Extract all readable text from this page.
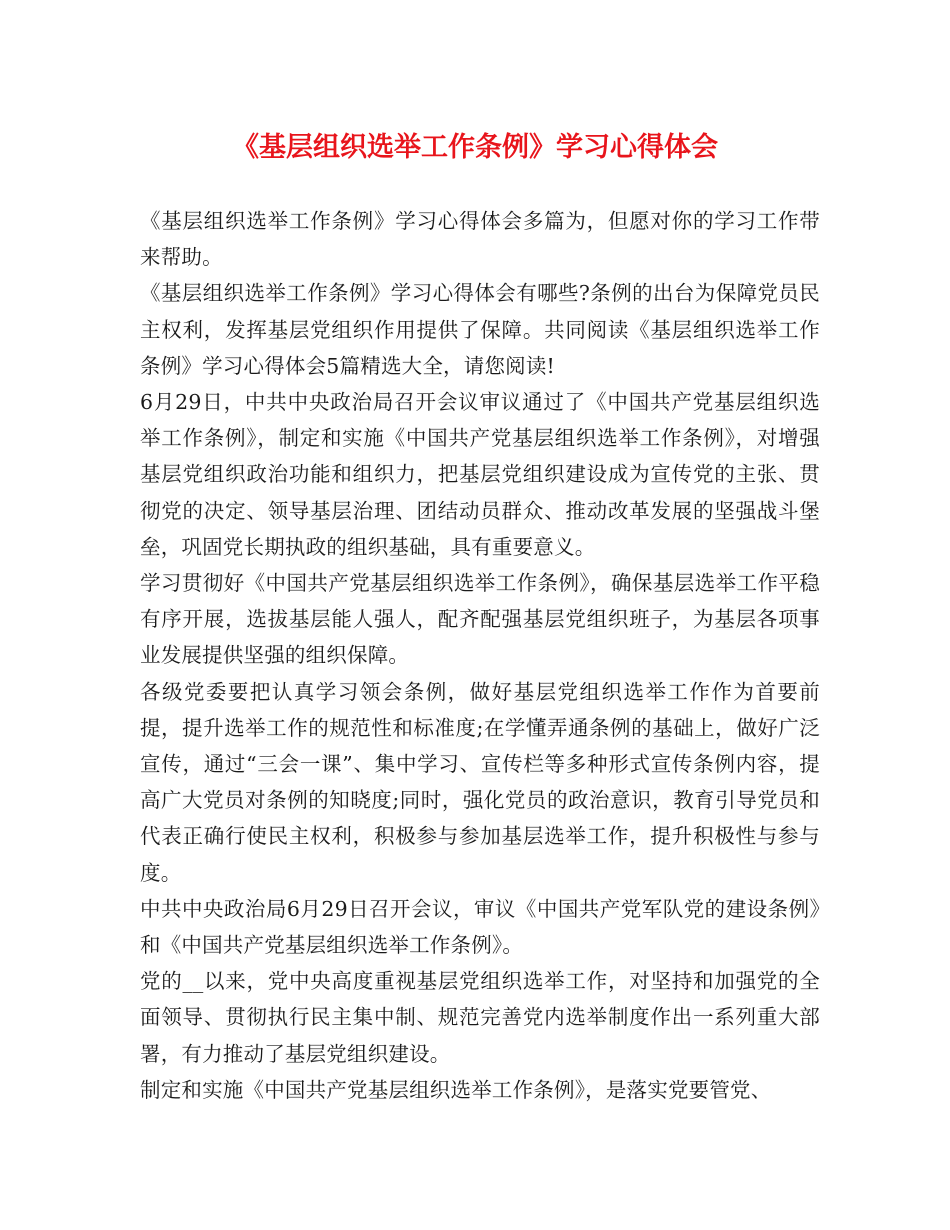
《基层组织选举工作条例》学习心得体会

《基层组织选举工作条例》学习心得体会多篇为，但愿对你的学习工作带来帮助。

《基层组织选举工作条例》学习心得体会有哪些?条例的出台为保障党员民主权利，发挥基层党组织作用提供了保障。共同阅读《基层组织选举工作条例》学习心得体会5篇精选大全，请您阅读!

6月29日，中共中央政治局召开会议审议通过了《中国共产党基层组织选举工作条例》，制定和实施《中国共产党基层组织选举工作条例》，对增强基层党组织政治功能和组织力，把基层党组织建设成为宣传党的主张、贯彻党的决定、领导基层治理、团结动员群众、推动改革发展的坚强战斗堡垒，巩固党长期执政的组织基础，具有重要意义。

学习贯彻好《中国共产党基层组织选举工作条例》，确保基层选举工作平稳有序开展，选拔基层能人强人，配齐配强基层党组织班子，为基层各项事业发展提供坚强的组织保障。

各级党委要把认真学习领会条例，做好基层党组织选举工作作为首要前提，提升选举工作的规范性和标准度;在学懂弄通条例的基础上，做好广泛宣传，通过“三会一课”、集中学习、宣传栏等多种形式宣传条例内容，提高广大党员对条例的知晓度;同时，强化党员的政治意识，教育引导党员和代表正确行使民主权利，积极参与参加基层选举工作，提升积极性与参与度。

中共中央政治局6月29日召开会议，审议《中国共产党军队党的建设条例》和《中国共产党基层组织选举工作条例》。

党的__以来，党中央高度重视基层党组织选举工作，对坚持和加强党的全面领导、贯彻执行民主集中制、规范完善党内选举制度作出一系列重大部署，有力推动了基层党组织建设。

制定和实施《中国共产党基层组织选举工作条例》，是落实党要管党、
